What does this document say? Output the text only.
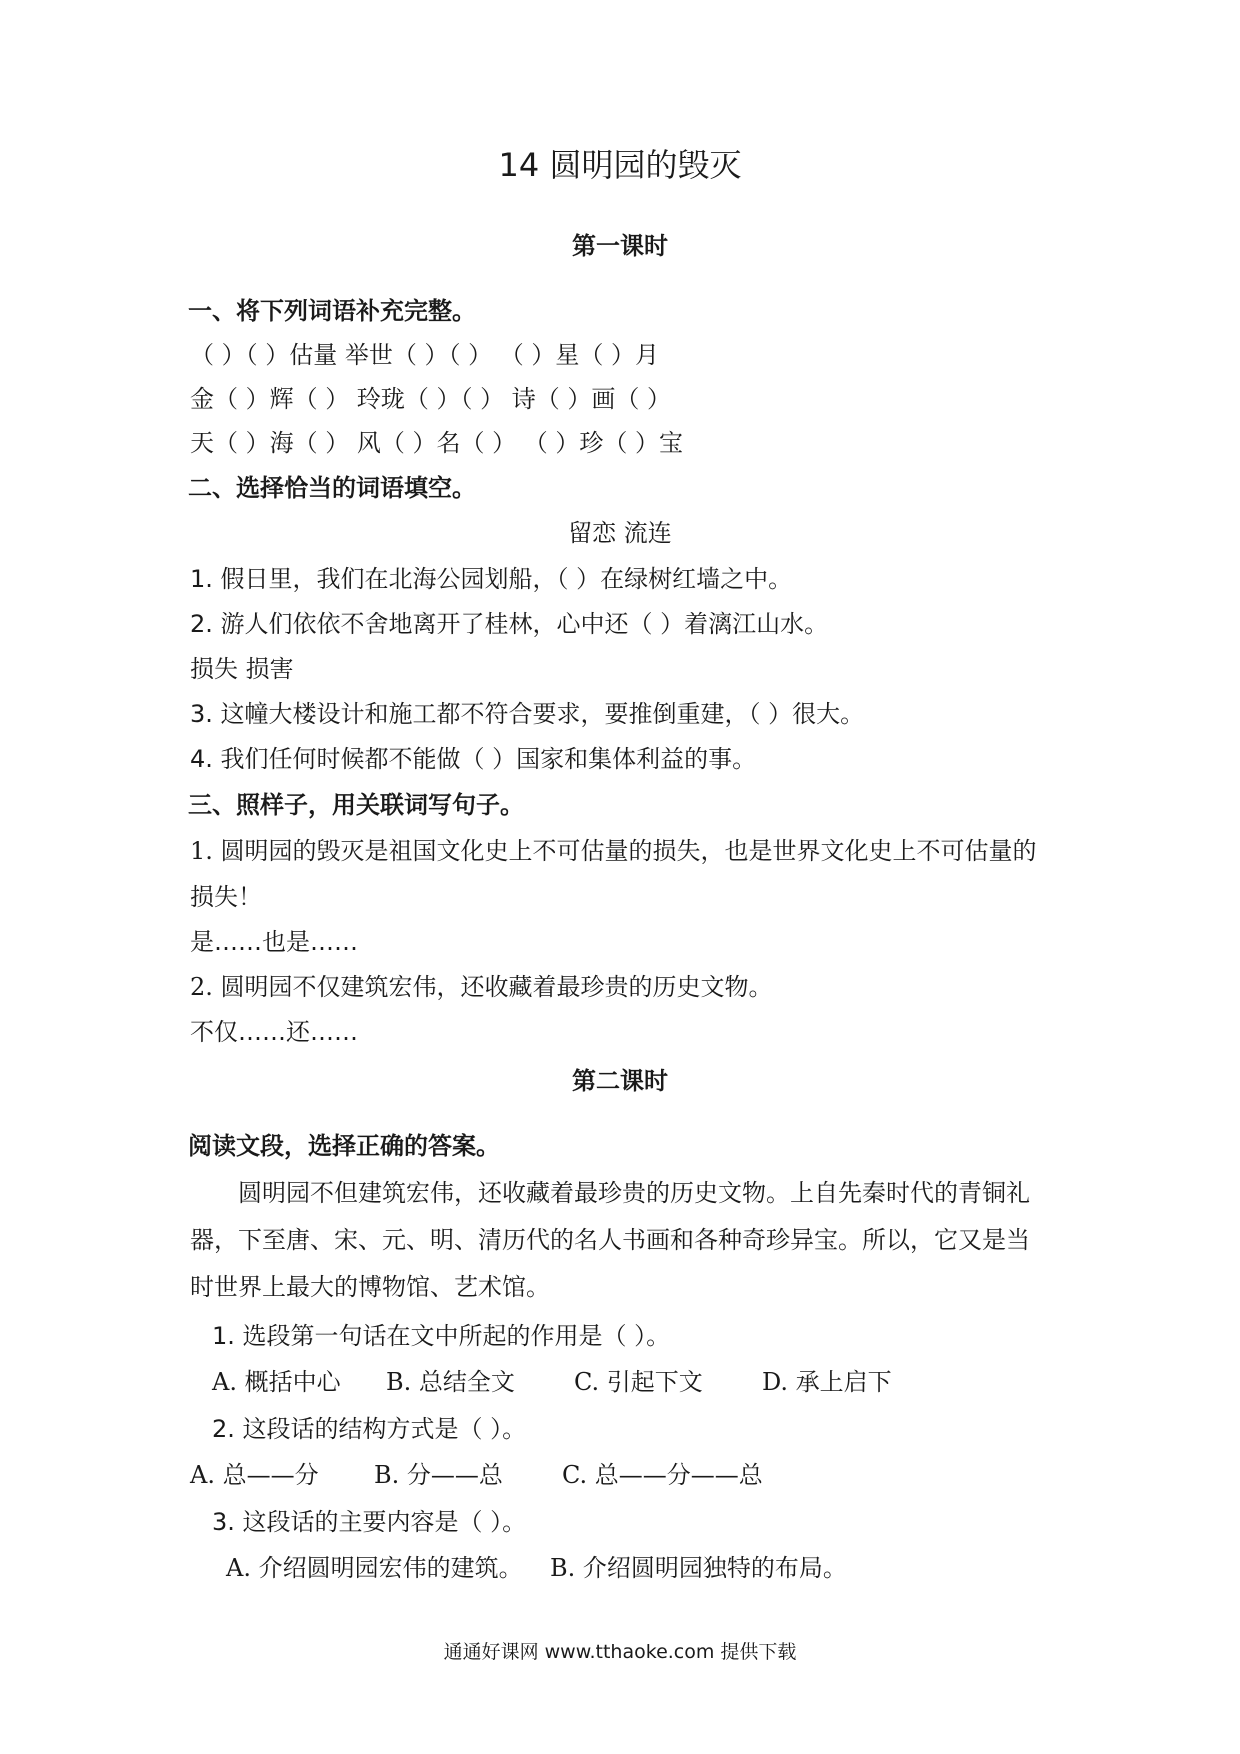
14 圆明园的毁灭
第一课时
一、将下列词语补充完整。
（ ）（ ）估量 举世（ ）（ ） （ ）星（ ）月
金（ ）辉（ ） 玲珑（ ）（ ） 诗（ ）画（ ）
天（ ）海（ ） 风（ ）名（ ） （ ）珍（ ）宝
二、选择恰当的词语填空。
留恋 流连
1. 假日里，我们在北海公园划船，（ ）在绿树红墙之中。
2. 游人们依依不舍地离开了桂林，心中还（ ）着漓江山水。
损失 损害
3. 这幢大楼设计和施工都不符合要求，要推倒重建，（ ）很大。
4. 我们任何时候都不能做（ ）国家和集体利益的事。
三、照样子，用关联词写句子。
1. 圆明园的毁灭是祖国文化史上不可估量的损失，也是世界文化史上不可估量的
损失！
是……也是……
2. 圆明园不仅建筑宏伟，还收藏着最珍贵的历史文物。
不仅……还……
第二课时
阅读文段，选择正确的答案。
圆明园不但建筑宏伟，还收藏着最珍贵的历史文物。上自先秦时代的青铜礼
器，下至唐、宋、元、明、清历代的名人书画和各种奇珍异宝。所以，它又是当
时世界上最大的博物馆、艺术馆。
1. 选段第一句话在文中所起的作用是（ ）。
A. 概括中心 B. 总结全文 C. 引起下文 D. 承上启下
2. 这段话的结构方式是（ ）。
A. 总——分 B. 分——总 C. 总——分——总
3. 这段话的主要内容是（ ）。
A. 介绍圆明园宏伟的建筑。 B. 介绍圆明园独特的布局。
通通好课网 www.tthaoke.com 提供下载
